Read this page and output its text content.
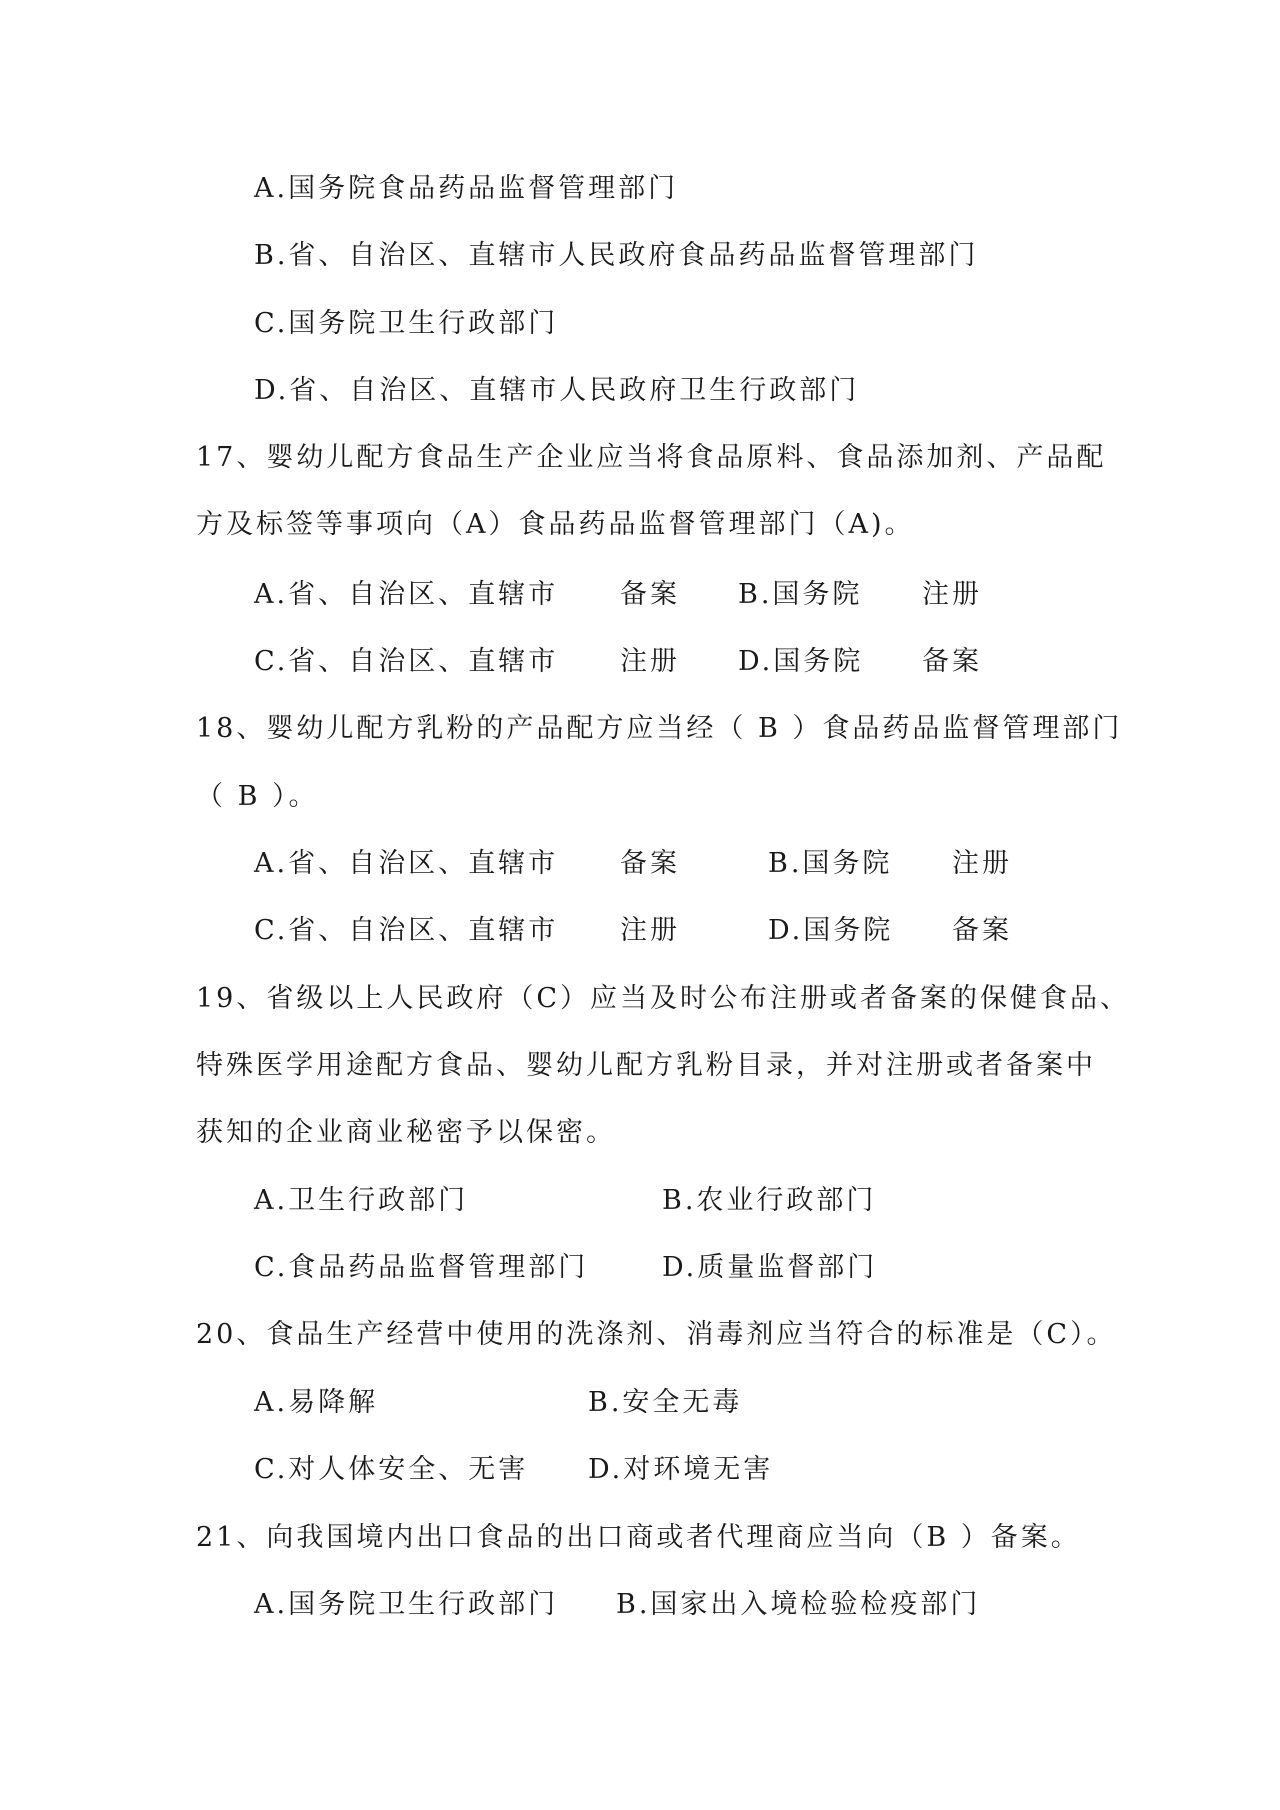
A.国务院食品药品监督管理部门
B.省、自治区、直辖市人民政府食品药品监督管理部门
C.国务院卫生行政部门
D.省、自治区、直辖市人民政府卫生行政部门
17、婴幼儿配方食品生产企业应当将食品原料、食品添加剂、产品配
方及标签等事项向（A）食品药品监督管理部门（A)。
A.省、自治区、直辖市 备案 B.国务院 注册
C.省、自治区、直辖市 注册 D.国务院 备案
18、婴幼儿配方乳粉的产品配方应当经（ B ）食品药品监督管理部门
（ B ）。
A.省、自治区、直辖市 备案	B.国务院 注册
C.省、自治区、直辖市 注册	D.国务院 备案
19、省级以上人民政府（C）应当及时公布注册或者备案的保健食品、
特殊医学用途配方食品、婴幼儿配方乳粉目录，并对注册或者备案中
获知的企业商业秘密予以保密。
A.卫生行政部门	B.农业行政部门
C.食品药品监督管理部门	D.质量监督部门
20、食品生产经营中使用的洗涤剂、消毒剂应当符合的标准是（C）。
A.易降解	B.安全无毒
C.对人体安全、无害 D.对环境无害
21、向我国境内出口食品的出口商或者代理商应当向（B ）备案。
A.国务院卫生行政部门 B.国家出入境检验检疫部门
